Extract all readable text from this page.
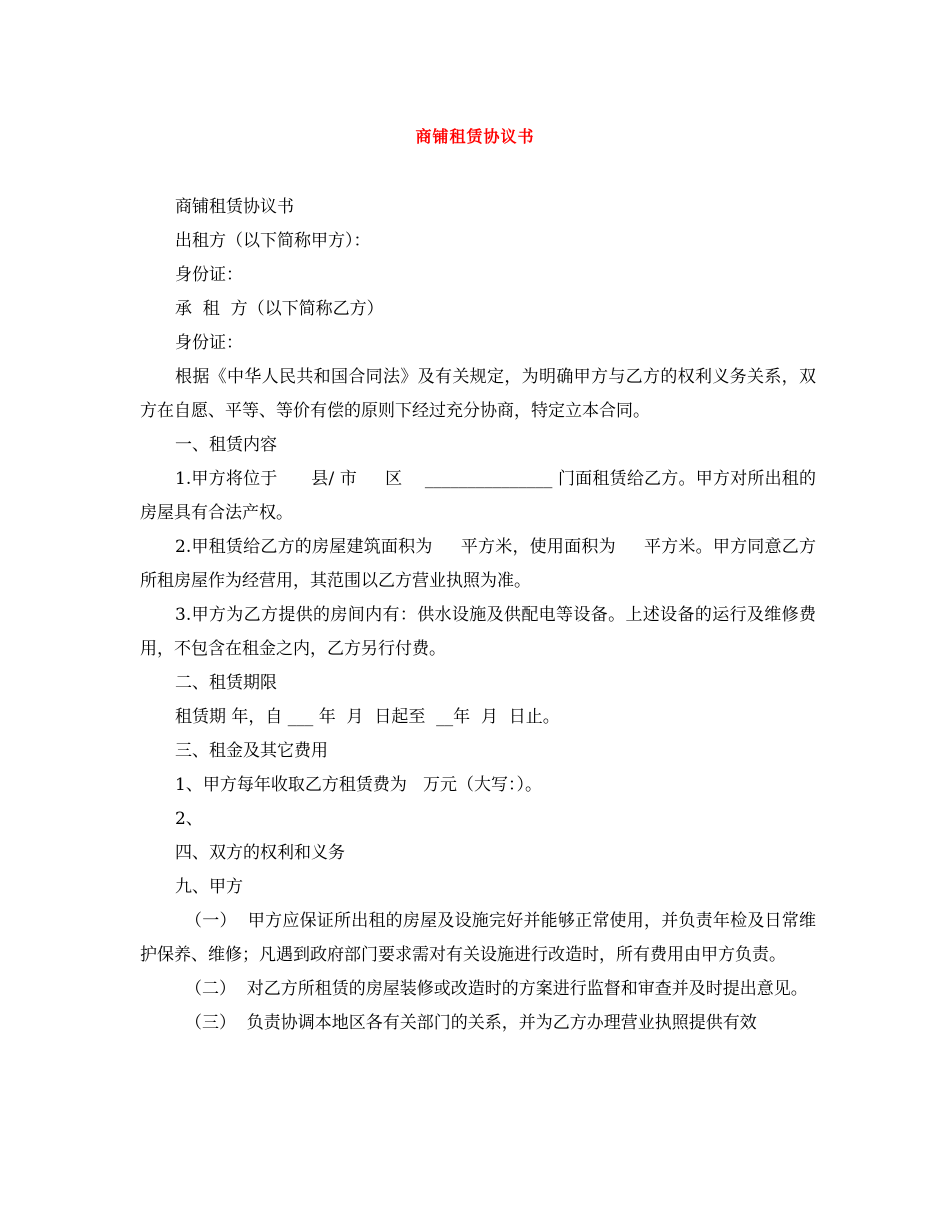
商铺租赁协议书

商铺租赁协议书

出租方（以下简称甲方）：

身份证：

承  租  方（以下简称乙方）

身份证：

根据《中华人民共和国合同法》及有关规定，为明确甲方与乙方的权利义务关系，双方在自愿、平等、等价有偿的原则下经过充分协商，特定立本合同。

一、租赁内容

1.甲方将位于      县/ 市     区    _______________ 门面租赁给乙方。甲方对所出租的房屋具有合法产权。

2.甲租赁给乙方的房屋建筑面积为     平方米，使用面积为     平方米。甲方同意乙方所租房屋作为经营用，其范围以乙方营业执照为准。

3.甲方为乙方提供的房间内有：供水设施及供配电等设备。上述设备的运行及维修费用，不包含在租金之内，乙方另行付费。

二、租赁期限

租赁期 年，自 ___ 年  月  日起至  __年  月  日止。

三、租金及其它费用

1、甲方每年收取乙方租赁费为   万元（大写：）。

2、

四、双方的权利和义务

九、甲方

（一）  甲方应保证所出租的房屋及设施完好并能够正常使用，并负责年检及日常维护保养、维修；凡遇到政府部门要求需对有关设施进行改造时，所有费用由甲方负责。

（二）  对乙方所租赁的房屋装修或改造时的方案进行监督和审查并及时提出意见。

（三）  负责协调本地区各有关部门的关系，并为乙方办理营业执照提供有效
